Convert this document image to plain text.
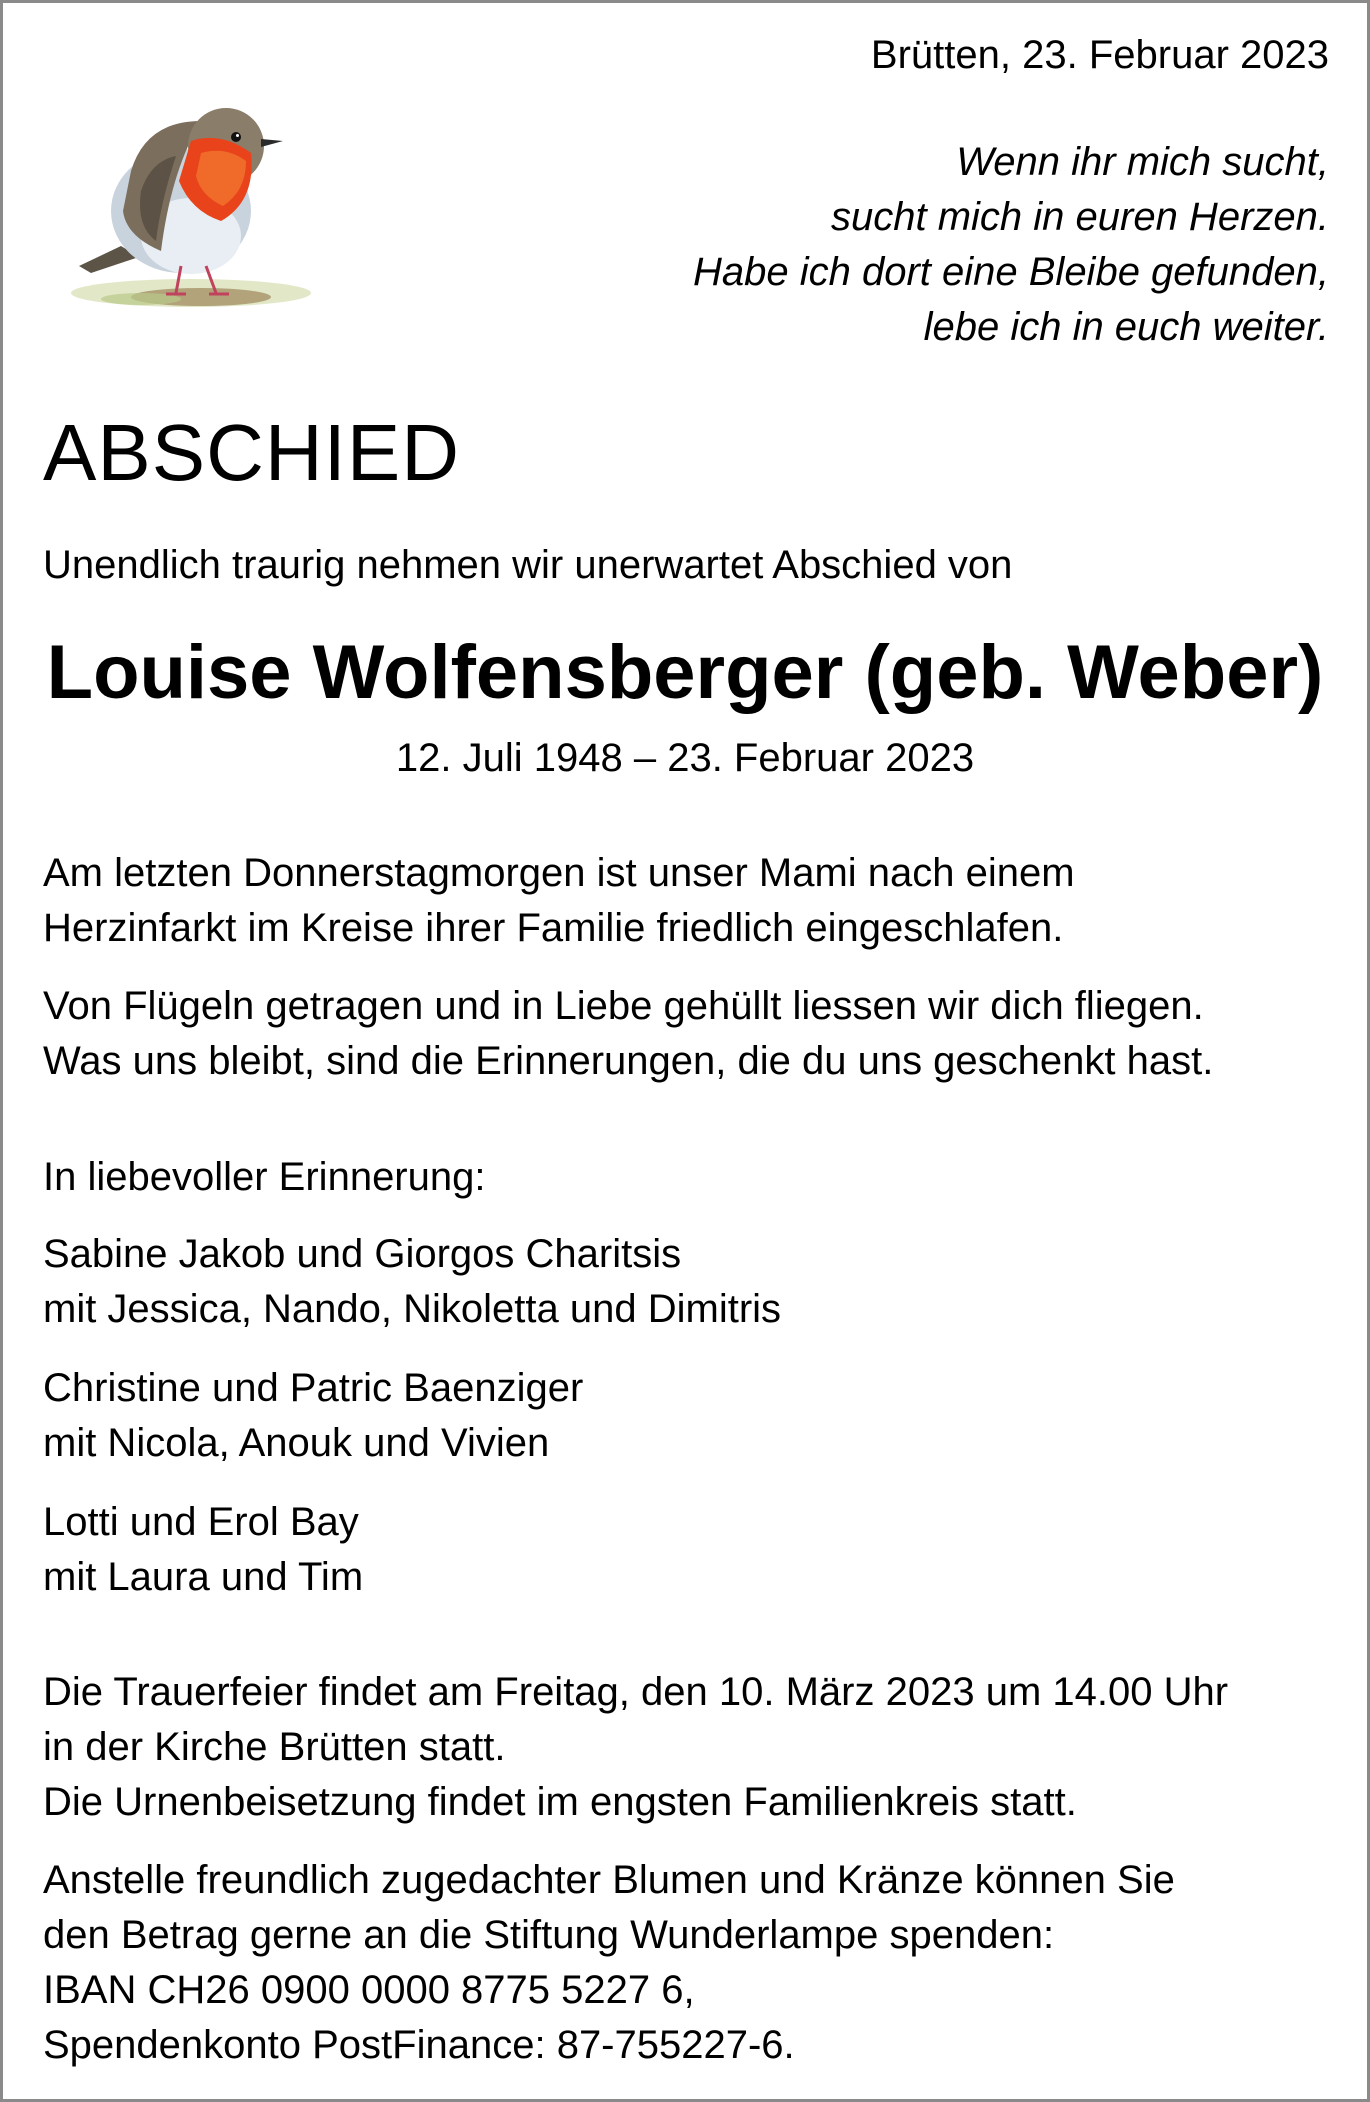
Brütten, 23. Februar 2023
Wenn ihr mich sucht,
sucht mich in euren Herzen.
Habe ich dort eine Bleibe gefunden,
lebe ich in euch weiter.
ABSCHIED
Unendlich traurig nehmen wir unerwartet Abschied von
Louise Wolfensberger (geb. Weber)
12. Juli 1948 – 23. Februar 2023
Am letzten Donnerstagmorgen ist unser Mami nach einem
Herzinfarkt im Kreise ihrer Familie friedlich eingeschlafen.
Von Flügeln getragen und in Liebe gehüllt liessen wir dich fliegen.
Was uns bleibt, sind die Erinnerungen, die du uns geschenkt hast.
In liebevoller Erinnerung:
Sabine Jakob und Giorgos Charitsis
mit Jessica, Nando, Nikoletta und Dimitris
Christine und Patric Baenziger
mit Nicola, Anouk und Vivien
Lotti und Erol Bay
mit Laura und Tim
Die Trauerfeier findet am Freitag, den 10. März 2023 um 14.00 Uhr
in der Kirche Brütten statt.
Die Urnenbeisetzung findet im engsten Familienkreis statt.
Anstelle freundlich zugedachter Blumen und Kränze können Sie
den Betrag gerne an die Stiftung Wunderlampe spenden:
IBAN CH26 0900 0000 8775 5227 6,
Spendenkonto PostFinance: 87-755227-6.
